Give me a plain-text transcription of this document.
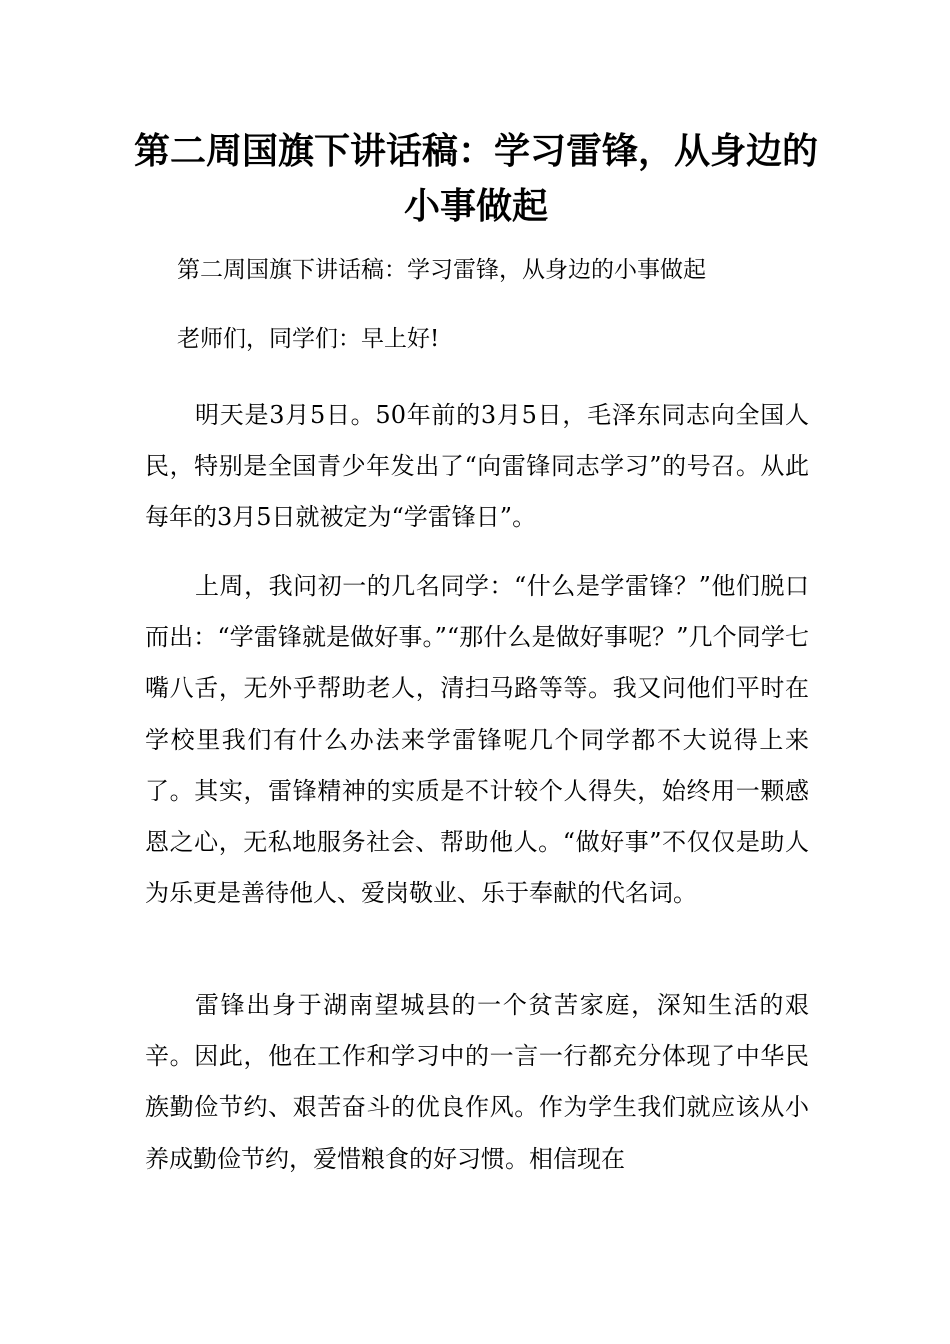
第二周国旗下讲话稿：学习雷锋，从身边的小事做起

第二周国旗下讲话稿：学习雷锋，从身边的小事做起

老师们，同学们：早上好!

明天是3月5日。50年前的3月5日，毛泽东同志向全国人民，特别是全国青少年发出了“向雷锋同志学习”的号召。从此每年的3月5日就被定为“学雷锋日”。

上周，我问初一的几名同学：“什么是学雷锋？”他们脱口而出：“学雷锋就是做好事。”“那什么是做好事呢？”几个同学七嘴八舌，无外乎帮助老人，清扫马路等等。我又问他们平时在学校里我们有什么办法来学雷锋呢几个同学都不大说得上来了。其实，雷锋精神的实质是不计较个人得失，始终用一颗感恩之心，无私地服务社会、帮助他人。“做好事”不仅仅是助人为乐更是善待他人、爱岗敬业、乐于奉献的代名词。

雷锋出身于湖南望城县的一个贫苦家庭，深知生活的艰辛。因此，他在工作和学习中的一言一行都充分体现了中华民族勤俭节约、艰苦奋斗的优良作风。作为学生我们就应该从小养成勤俭节约，爱惜粮食的好习惯。相信现在
